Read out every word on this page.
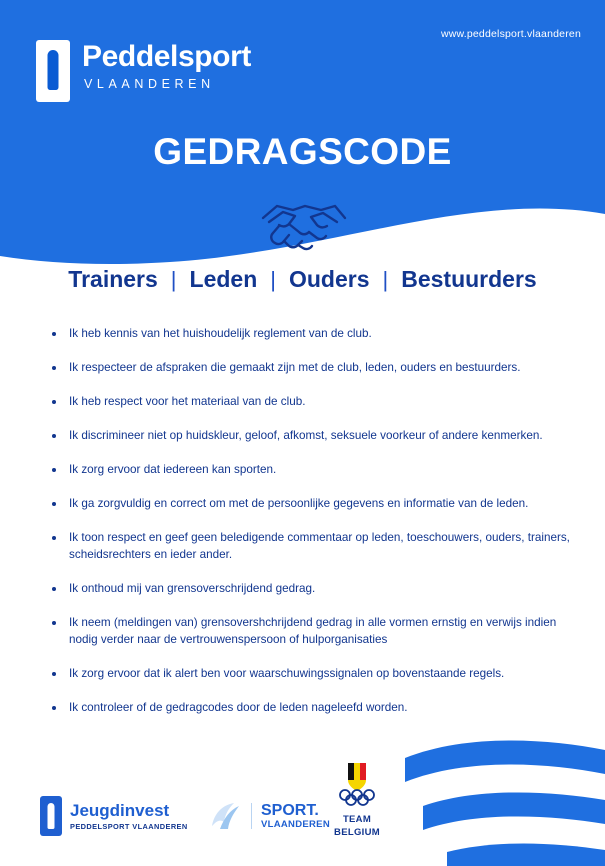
www.peddelsport.vlaanderen
Peddelsport
VLAANDEREN
GEDRAGSCODE
Trainers | Leden | Ouders | Bestuurders
Ik heb kennis van het huishoudelijk reglement van de club.
Ik respecteer de afspraken die gemaakt zijn met de club, leden, ouders en bestuurders.
Ik heb respect voor het materiaal van de club.
Ik discrimineer niet op huidskleur, geloof, afkomst, seksuele voorkeur of andere kenmerken.
Ik zorg ervoor dat iedereen kan sporten.
Ik ga zorgvuldig en correct om met de persoonlijke gegevens en informatie van de leden.
Ik toon respect en geef geen beledigende commentaar op leden, toeschouwers, ouders, trainers, scheidsrechters en ieder ander.
Ik onthoud mij van grensoverschrijdend gedrag.
Ik neem (meldingen van) grensovershchrijdend gedrag in alle vormen ernstig en verwijs indien nodig verder naar de vertrouwenspersoon of hulporganisaties
Ik zorg ervoor dat ik alert ben voor waarschuwingssignalen op bovenstaande regels.
Ik controleer of de gedragcodes door de leden nageleefd worden.
Jeugdinvest
PEDDELSPORT VLAANDEREN
SPORT.
VLAANDEREN	TEAM
BELGIUM
